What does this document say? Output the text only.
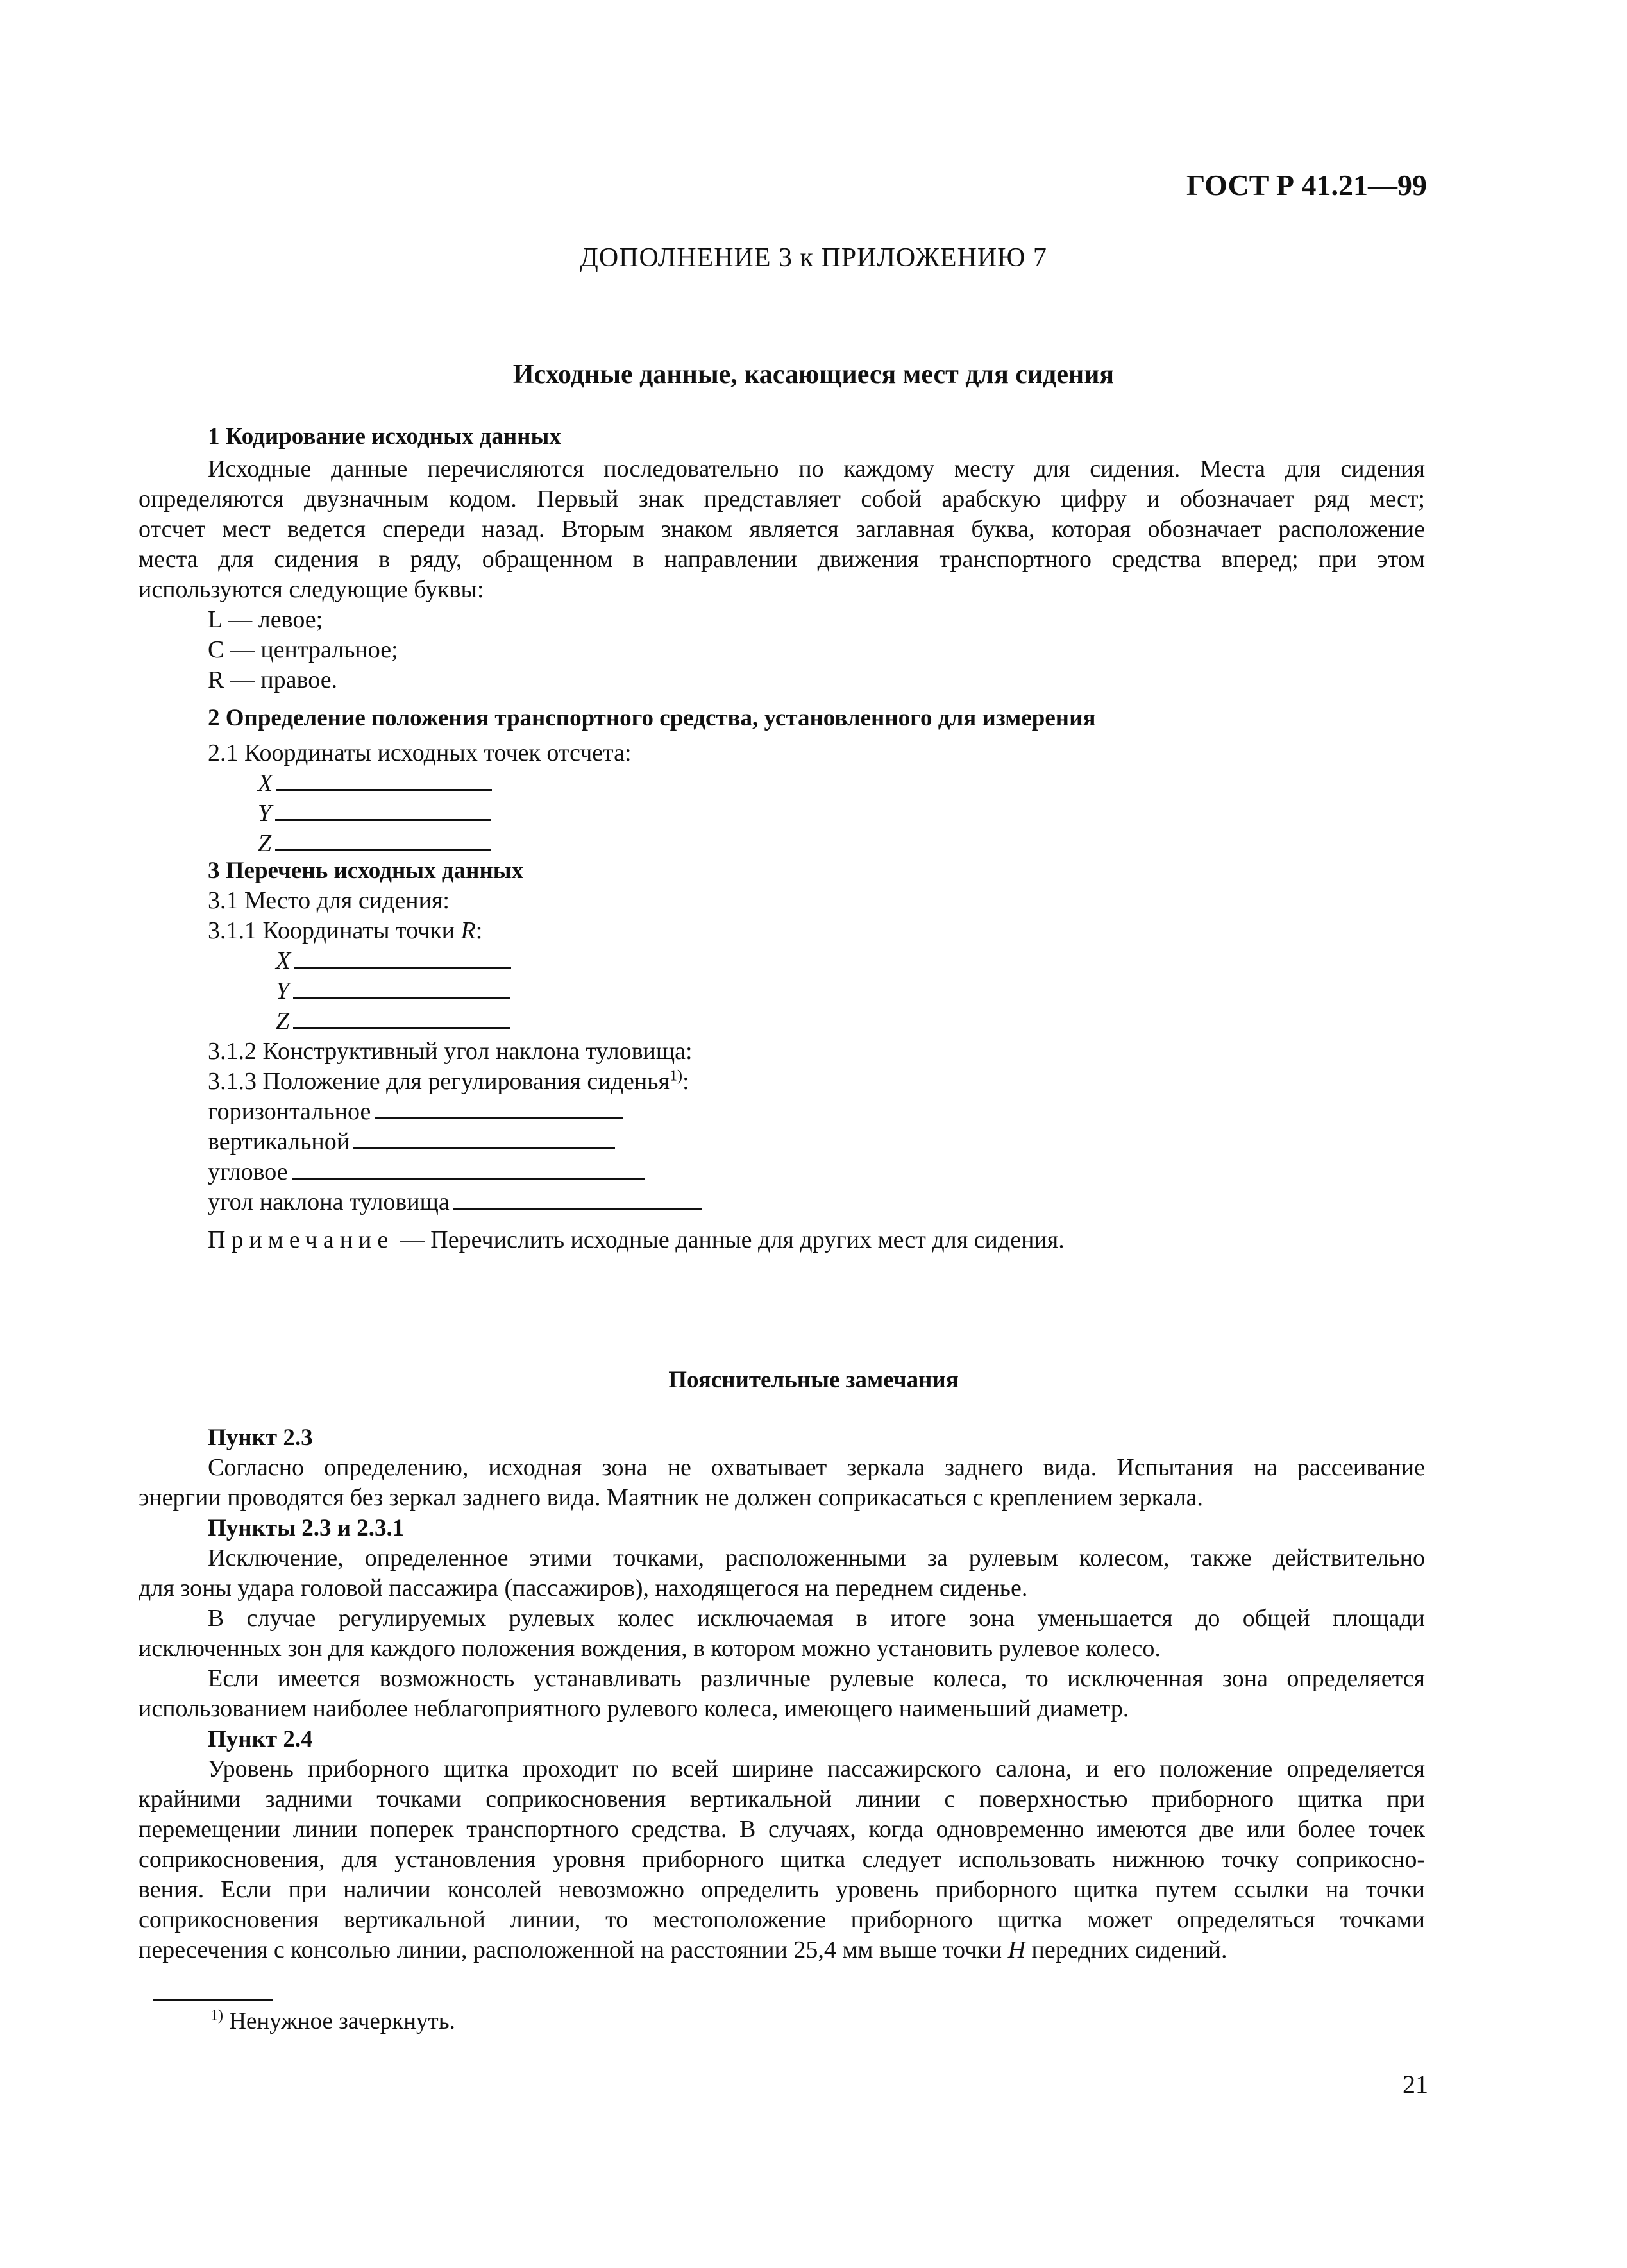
ГОСТ Р 41.21—99
ДОПОЛНЕНИЕ 3 к ПРИЛОЖЕНИЮ 7
Исходные данные, касающиеся мест для сидения
1 Кодирование исходных данных
Исходные данные перечисляются последовательно по каждому месту для сидения. Места для сидения
определяются двузначным кодом. Первый знак представляет собой арабскую цифру и обозначает ряд мест;
отсчет мест ведется спереди назад. Вторым знаком является заглавная буква, которая обозначает расположение
места для сидения в ряду, обращенном в направлении движения транспортного средства вперед; при этом
используются следующие буквы:
L — левое;
C — центральное;
R — правое.
2 Определение положения транспортного средства, установленного для измерения
2.1 Координаты исходных точек отсчета:
X
Y
Z
3 Перечень исходных данных
3.1 Место для сидения:
3.1.1 Координаты точки R:
X
Y
Z
3.1.2 Конструктивный угол наклона туловища:
3.1.3 Положение для регулирования сиденья$^{1)}$:
горизонтальное
вертикальной
угловое
угол наклона туловища
Примечание — Перечислить исходные данные для других мест для сидения.
Пояснительные замечания
Пункт 2.3
Согласно определению, исходная зона не охватывает зеркала заднего вида. Испытания на рассеивание
энергии проводятся без зеркал заднего вида. Маятник не должен соприкасаться с креплением зеркала.
Пункты 2.3 и 2.3.1
Исключение, определенное этими точками, расположенными за рулевым колесом, также действительно
для зоны удара головой пассажира (пассажиров), находящегося на переднем сиденье.
В случае регулируемых рулевых колес исключаемая в итоге зона уменьшается до общей площади
исключенных зон для каждого положения вождения, в котором можно установить рулевое колесо.
Если имеется возможность устанавливать различные рулевые колеса, то исключенная зона определяется
использованием наиболее неблагоприятного рулевого колеса, имеющего наименьший диаметр.
Пункт 2.4
Уровень приборного щитка проходит по всей ширине пассажирского салона, и его положение определяется
крайними задними точками соприкосновения вертикальной линии с поверхностью приборного щитка при
перемещении линии поперек транспортного средства. В случаях, когда одновременно имеются две или более точек
соприкосновения, для установления уровня приборного щитка следует использовать нижнюю точку соприкосно-
вения. Если при наличии консолей невозможно определить уровень приборного щитка путем ссылки на точки
соприкосновения вертикальной линии, то местоположение приборного щитка может определяться точками
пересечения с консолью линии, расположенной на расстоянии 25,4 мм выше точки H передних сидений.
$^{1)}$ Ненужное зачеркнуть.
21
